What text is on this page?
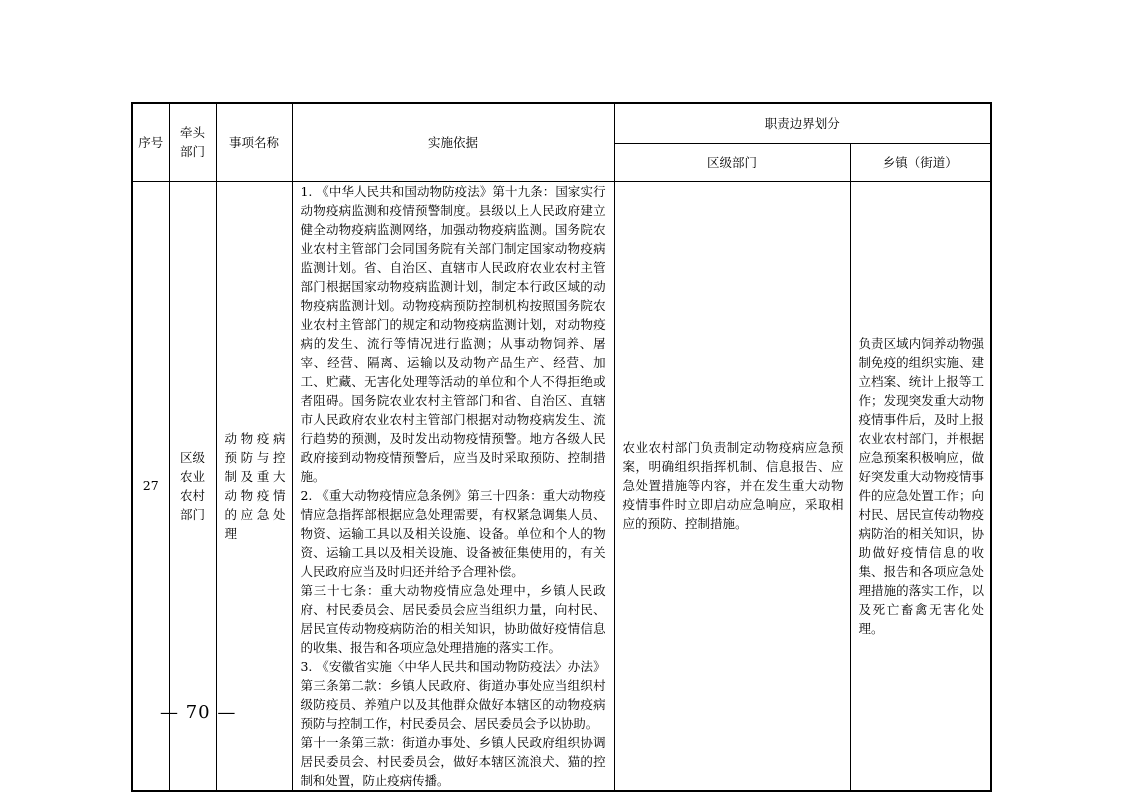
序号	牵头部门	事项名称	实施依据	职责边界划分	
				区级部门	乡镇（街道）
27	区级农业农村部门	动物疫病预防与控制及重大动物疫情的应急处理	1. 《中华人民共和国动物防疫法》第十九条：国家实行动物疫病监测和疫情预警制度。县级以上人民政府建立健全动物疫病监测网络，加强动物疫病监测。国务院农业农村主管部门会同国务院有关部门制定国家动物疫病监测计划。省、自治区、直辖市人民政府农业农村主管部门根据国家动物疫病监测计划，制定本行政区域的动物疫病监测计划。动物疫病预防控制机构按照国务院农业农村主管部门的规定和动物疫病监测计划，对动物疫病的发生、流行等情况进行监测；从事动物饲养、屠宰、经营、隔离、运输以及动物产品生产、经营、加工、贮藏、无害化处理等活动的单位和个人不得拒绝或者阻碍。国务院农业农村主管部门和省、自治区、直辖市人民政府农业农村主管部门根据对动物疫病发生、流行趋势的预测，及时发出动物疫情预警。地方各级人民政府接到动物疫情预警后，应当及时采取预防、控制措施。

2. 《重大动物疫情应急条例》第三十四条：重大动物疫情应急指挥部根据应急处理需要，有权紧急调集人员、物资、运输工具以及相关设施、设备。单位和个人的物资、运输工具以及相关设施、设备被征集使用的，有关人民政府应当及时归还并给予合理补偿。

第三十七条：重大动物疫情应急处理中，乡镇人民政府、村民委员会、居民委员会应当组织力量，向村民、居民宣传动物疫病防治的相关知识，协助做好疫情信息的收集、报告和各项应急处理措施的落实工作。

3. 《安徽省实施〈中华人民共和国动物防疫法〉办法》第三条第二款：乡镇人民政府、街道办事处应当组织村级防疫员、养殖户以及其他群众做好本辖区的动物疫病预防与控制工作，村民委员会、居民委员会予以协助。

第十一条第三款：街道办事处、乡镇人民政府组织协调居民委员会、村民委员会，做好本辖区流浪犬、猫的控制和处置，防止疫病传播。	农业农村部门负责制定动物疫病应急预案，明确组织指挥机制、信息报告、应急处置措施等内容，并在发生重大动物疫情事件时立即启动应急响应，采取相应的预防、控制措施。	负责区域内饲养动物强制免疫的组织实施、建立档案、统计上报等工作；发现突发重大动物疫情事件后，及时上报农业农村部门，并根据应急预案积极响应，做好突发重大动物疫情事件的应急处置工作；向村民、居民宣传动物疫病防治的相关知识，协助做好疫情信息的收集、报告和各项应急处理措施的落实工作，以及死亡畜禽无害化处理。
— 70 —
